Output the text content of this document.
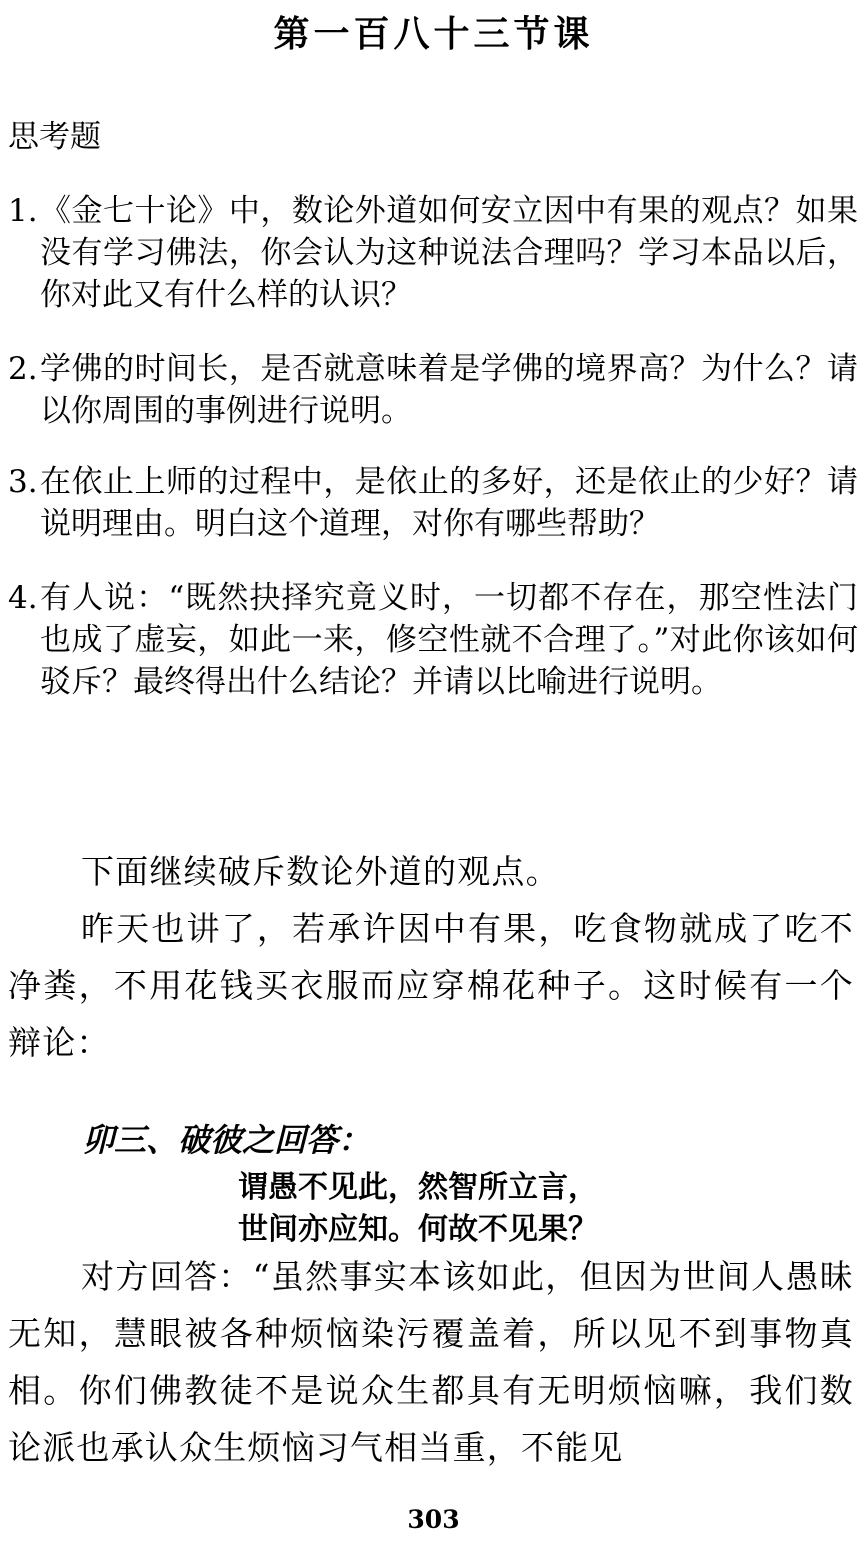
第一百八十三节课
思考题
1. 《金七十论》中，数论外道如何安立因中有果的观点？如果没有学习佛法，你会认为这种说法合理吗？学习本品以后，你对此又有什么样的认识？
2. 学佛的时间长，是否就意味着是学佛的境界高？为什么？请以你周围的事例进行说明。
3. 在依止上师的过程中，是依止的多好，还是依止的少好？请说明理由。明白这个道理，对你有哪些帮助？
4. 有人说：“既然抉择究竟义时，一切都不存在，那空性法门也成了虚妄，如此一来，修空性就不合理了。”对此你该如何驳斥？最终得出什么结论？并请以比喻进行说明。
下面继续破斥数论外道的观点。
昨天也讲了，若承许因中有果，吃食物就成了吃不净粪，不用花钱买衣服而应穿棉花种子。这时候有一个辩论：
卯三、破彼之回答：
谓愚不见此，然智所立言，
世间亦应知。何故不见果？
对方回答：“虽然事实本该如此，但因为世间人愚昧无知，慧眼被各种烦恼染污覆盖着，所以见不到事物真相。你们佛教徒不是说众生都具有无明烦恼嘛，我们数论派也承认众生烦恼习气相当重，不能见
303
